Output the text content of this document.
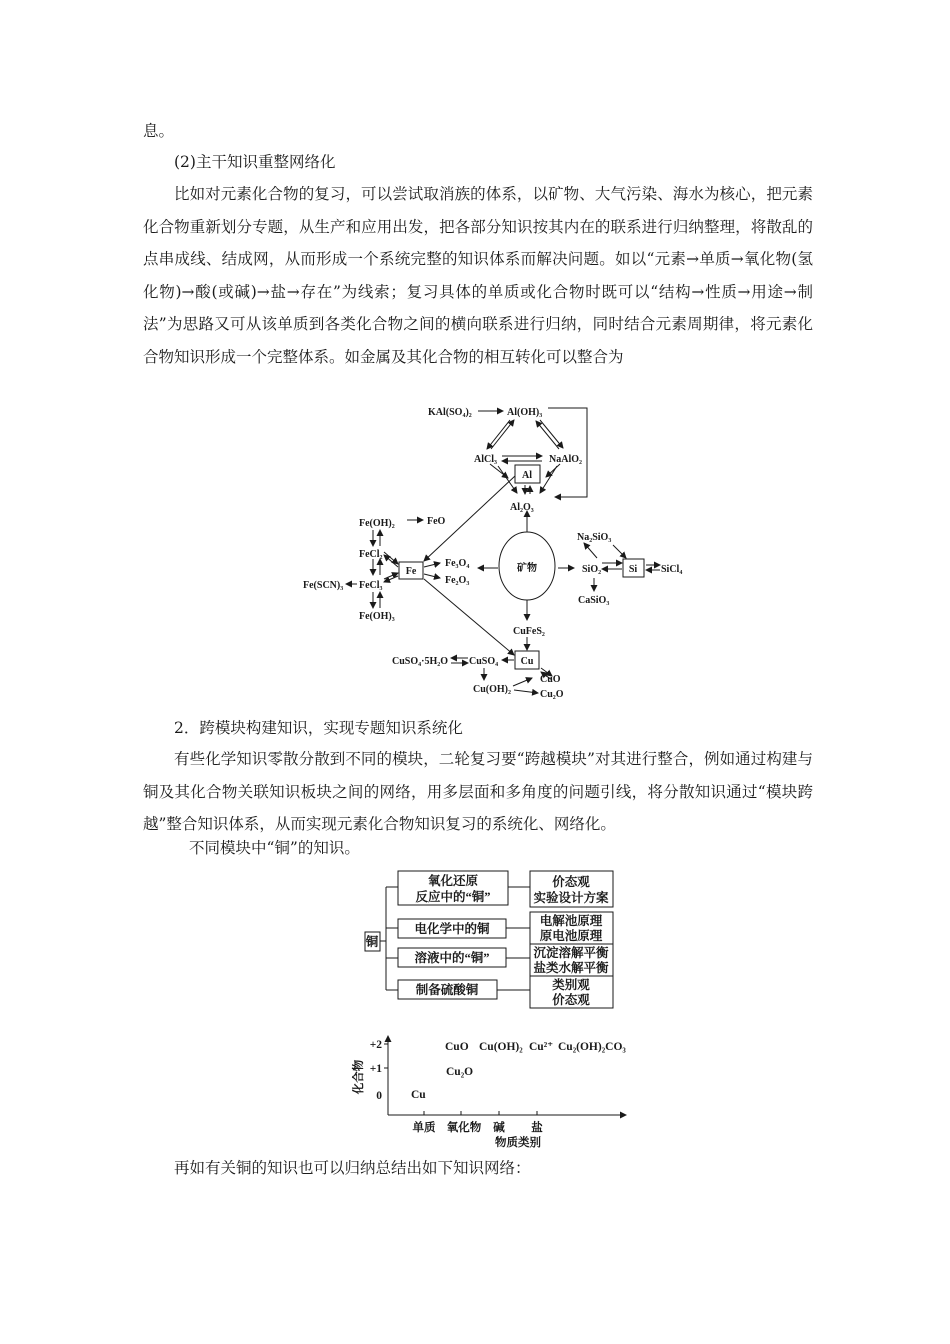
息。

(2)主干知识重整网络化

比如对元素化合物的复习，可以尝试取消族的体系，以矿物、大气污染、海水为核心，把元素化合物重新划分专题，从生产和应用出发，把各部分知识按其内在的联系进行归纳整理，将散乱的点串成线、结成网，从而形成一个系统完整的知识体系而解决问题。如以“元素→单质→氧化物(氢化物)→酸(或碱)→盐→存在”为线索；复习具体的单质或化合物时既可以“结构→性质→用途→制法”为思路又可从该单质到各类化合物之间的横向联系进行归纳，同时结合元素周期律，将元素化合物知识形成一个完整体系。如金属及其化合物的相互转化可以整合为

矿物
Al
Fe	Si
Cu
KAl(SO₄)₂	Al(OH)₃
AlCl₃	NaAlO₂
Al₂O₃
Fe(OH)₂	FeO
FeCl₂
Fe(SCN)₃ FeCl₃
Fe(OH)₃
Fe₃O₄
Fe₂O₃
Na₂SiO₃
SiO₂	SiCl₄
CaSiO₃
CuFeS₂
CuSO₄
CuSO₄·5H₂O
Cu(OH)₂
CuO
Cu₂O
铜
氧化还原
反应中的“铜”
电化学中的铜
溶液中的“铜”
制备硫酸铜
价态观
实验设计方案
电解池原理
原电池原理
沉淀溶解平衡
盐类水解平衡
类别观
价态观
化合物
+2
+1
0
单质 氧化物 碱 盐
物质类别
Cu
Cu₂O
CuO Cu(OH)₂ Cu²⁺ Cu₂(OH)₂CO₃

2．跨模块构建知识，实现专题知识系统化

有些化学知识零散分散到不同的模块，二轮复习要“跨越模块”对其进行整合，例如通过构建与铜及其化合物关联知识板块之间的网络，用多层面和多角度的问题引线，将分散知识通过“模块跨越”整合知识体系，从而实现元素化合物知识复习的系统化、网络化。

不同模块中“铜”的知识。

再如有关铜的知识也可以归纳总结出如下知识网络：
